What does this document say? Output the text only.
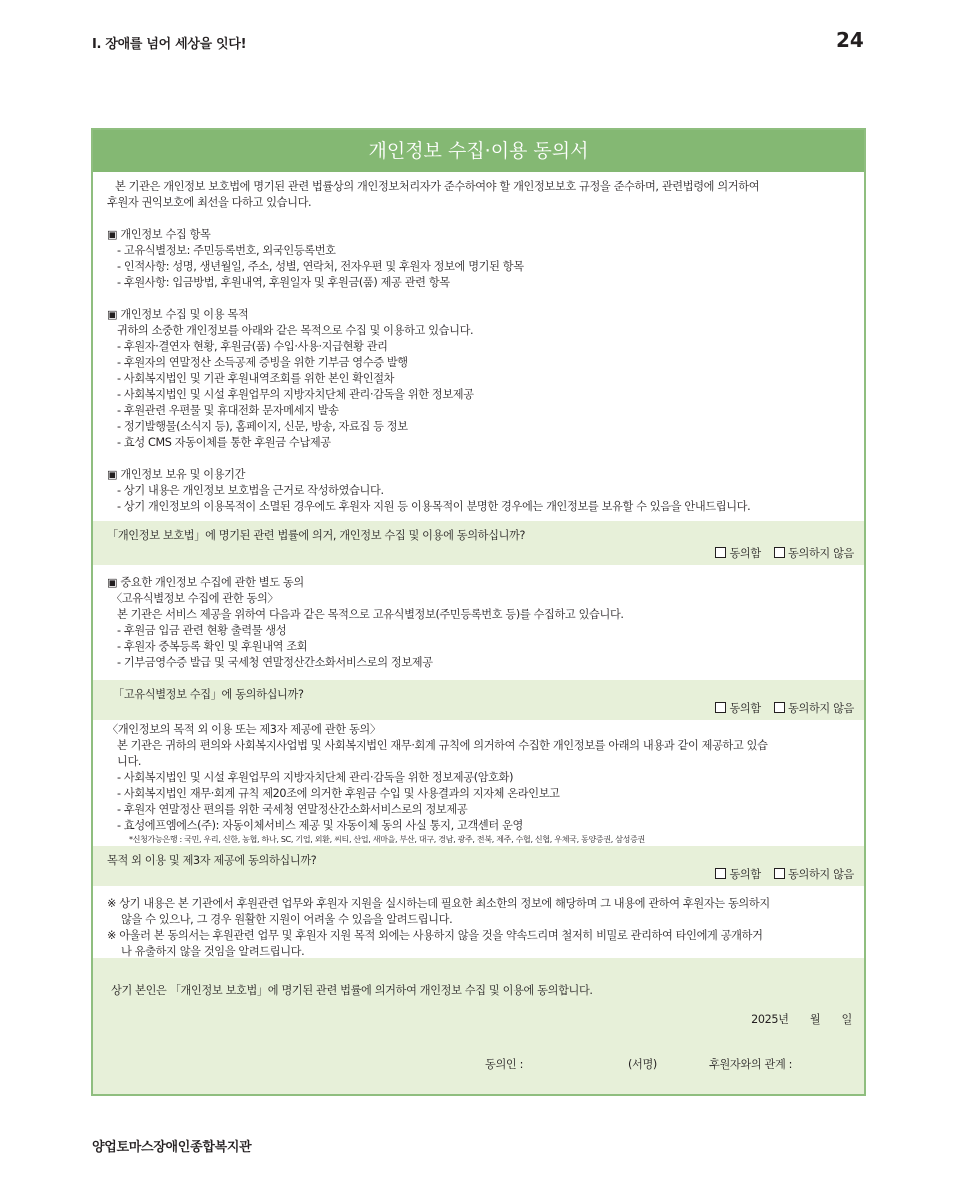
Ⅰ. 장애를 넘어 세상을 잇다!	24
개인정보 수집·이용 동의서

본 기관은 개인정보 보호법에 명기된 관련 법률상의 개인정보처리자가 준수하여야 할 개인정보보호 규정을 준수하며, 관련법령에 의거하여

후원자 권익보호에 최선을 다하고 있습니다.

▣ 개인정보 수집 항목

- 고유식별정보: 주민등록번호, 외국인등록번호

- 인적사항: 성명, 생년월일, 주소, 성별, 연락처, 전자우편 및 후원자 정보에 명기된 항목

- 후원사항: 입금방법, 후원내역, 후원일자 및 후원금(품) 제공 관련 항목

▣ 개인정보 수집 및 이용 목적

귀하의 소중한 개인정보를 아래와 같은 목적으로 수집 및 이용하고 있습니다.

- 후원자·결연자 현황, 후원금(품) 수입·사용·지급현황 관리

- 후원자의 연말정산 소득공제 증빙을 위한 기부금 영수증 발행

- 사회복지법인 및 기관 후원내역조회를 위한 본인 확인절차

- 사회복지법인 및 시설 후원업무의 지방자치단체 관리·감독을 위한 정보제공

- 후원관련 우편물 및 휴대전화 문자메세지 발송

- 정기발행물(소식지 등), 홈페이지, 신문, 방송, 자료집 등 정보

- 효성 CMS 자동이체를 통한 후원금 수납제공

▣ 개인정보 보유 및 이용기간

- 상기 내용은 개인정보 보호법을 근거로 작성하였습니다.

- 상기 개인정보의 이용목적이 소멸된 경우에도 후원자 지원 등 이용목적이 분명한 경우에는 개인정보를 보유할 수 있음을 안내드립니다.

「개인정보 보호법」에 명기된 관련 법률에 의거, 개인정보 수집 및 이용에 동의하십니까?
동의함 동의하지 않음

▣ 중요한 개인정보 수집에 관한 별도 동의

〈고유식별정보 수집에 관한 동의〉

본 기관은 서비스 제공을 위하여 다음과 같은 목적으로 고유식별정보(주민등록번호 등)를 수집하고 있습니다.

- 후원금 입금 관련 현황 출력물 생성

- 후원자 중복등록 확인 및 후원내역 조회

- 기부금영수증 발급 및 국세청 연말정산간소화서비스로의 정보제공

「고유식별정보 수집」에 동의하십니까?
동의함 동의하지 않음

〈개인정보의 목적 외 이용 또는 제3자 제공에 관한 동의〉

본 기관은 귀하의 편의와 사회복지사업법 및 사회복지법인 재무·회계 규칙에 의거하여 수집한 개인정보를 아래의 내용과 같이 제공하고 있습

니다.

- 사회복지법인 및 시설 후원업무의 지방자치단체 관리·감독을 위한 정보제공(암호화)

- 사회복지법인 재무·회계 규칙 제20조에 의거한 후원금 수입 및 사용결과의 지자체 온라인보고

- 후원자 연말정산 편의를 위한 국세청 연말정산간소화서비스로의 정보제공

- 효성에프엠에스(주): 자동이체서비스 제공 및 자동이체 동의 사실 통지, 고객센터 운영

*신청가능은행 : 국민, 우리, 신한, 농협, 하나, SC, 기업, 외환, 씨티, 산업, 새마을, 부산, 대구, 경남, 광주, 전북, 제주, 수협, 신협, 우체국, 동양증권, 삼성증권

목적 외 이용 및 제3자 제공에 동의하십니까?
동의함 동의하지 않음

※ 상기 내용은 본 기관에서 후원관련 업무와 후원자 지원을 실시하는데 필요한 최소한의 정보에 해당하며 그 내용에 관하여 후원자는 동의하지

않을 수 있으나, 그 경우 원활한 지원이 어려울 수 있음을 알려드립니다.

※ 아울러 본 동의서는 후원관련 업무 및 후원자 지원 목적 외에는 사용하지 않을 것을 약속드리며 철저히 비밀로 관리하여 타인에게 공개하거

나 유출하지 않을 것임을 알려드립니다.

상기 본인은 「개인정보 보호법」에 명기된 관련 법률에 의거하여 개인정보 수집 및 이용에 동의합니다.
2025년 월 일
동의인 :	(서명)	후원자와의 관계 :
양업토마스장애인종합복지관
